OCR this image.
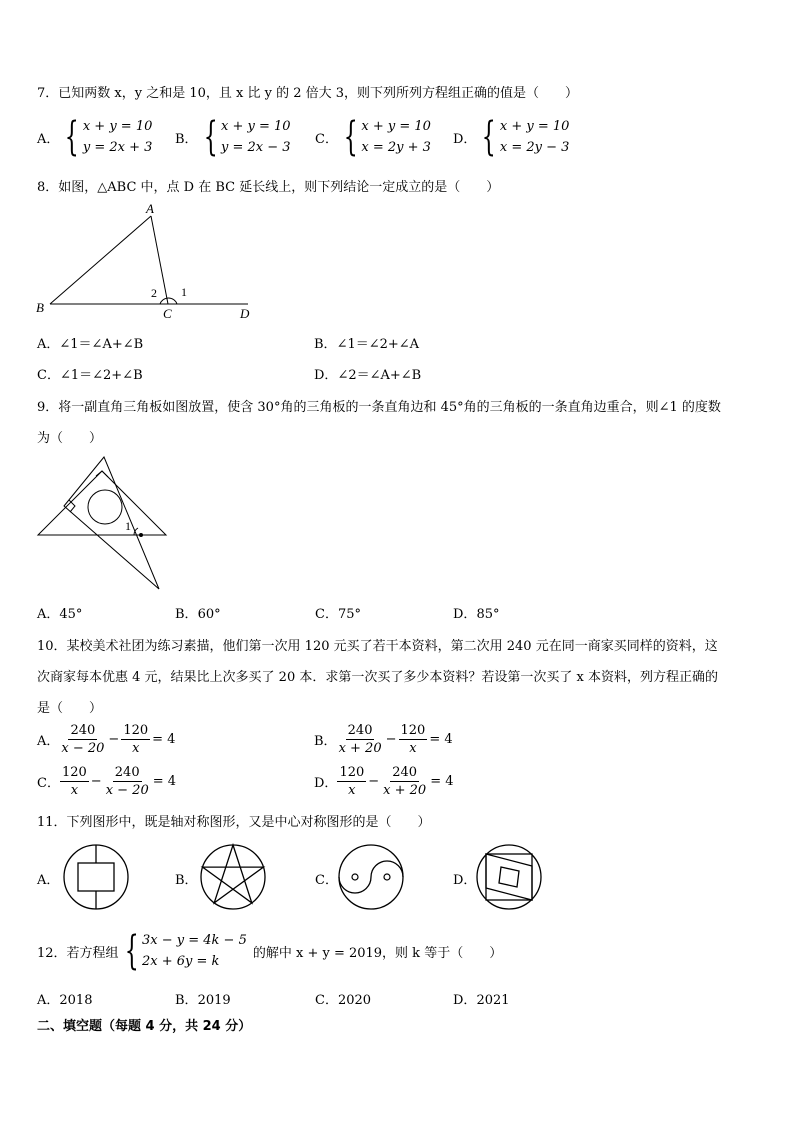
7．已知两数 x，y 之和是 10，且 x 比 y 的 2 倍大 3，则下列所列方程组正确的值是（　　）
A． { x + y = 10
y = 2x + 3
B． { x + y = 10
y = 2x − 3
C． { x + y = 10
x = 2y + 3
D． { x + y = 10
x = 2y − 3
8．如图，△ABC 中，点 D 在 BC 延长线上，则下列结论一定成立的是（　　）
A
B	C	D
1
2
A．∠1＝∠A+∠B	B．∠1＝∠2+∠A
C．∠1＝∠2+∠B	D．∠2＝∠A+∠B
9．将一副直角三角板如图放置，使含 30°角的三角板的一条直角边和 45°角的三角板的一条直角边重合，则∠1 的度数
为（　　）
1
A．45°	B．60°	C．75°	D．85°
10．某校美术社团为练习素描，他们第一次用 120 元买了若干本资料，第二次用 240 元在同一商家买同样的资料，这
次商家每本优惠 4 元，结果比上次多买了 20 本．求第一次买了多少本资料？若设第一次买了 x 本资料，列方程正确的
是（　　）
A． $\frac{240}{x - 20} - \frac{120}{x} = 4$	B． $\frac{240}{x + 20} - \frac{120}{x} = 4$
C． $\frac{120}{x} - \frac{240}{x - 20} = 4$	D． $\frac{120}{x} - \frac{240}{x + 20} = 4$
11．下列图形中，既是轴对称图形，又是中心对称图形的是（　　）
A．	B．	C．	D．
12．若方程组 { 3x − y = 4k − 5
2x + 6y = k
的解中 x + y = 2019，则 k 等于（　　）
A．2018	B．2019	C．2020	D．2021
二、填空题（每题 4 分，共 24 分）
